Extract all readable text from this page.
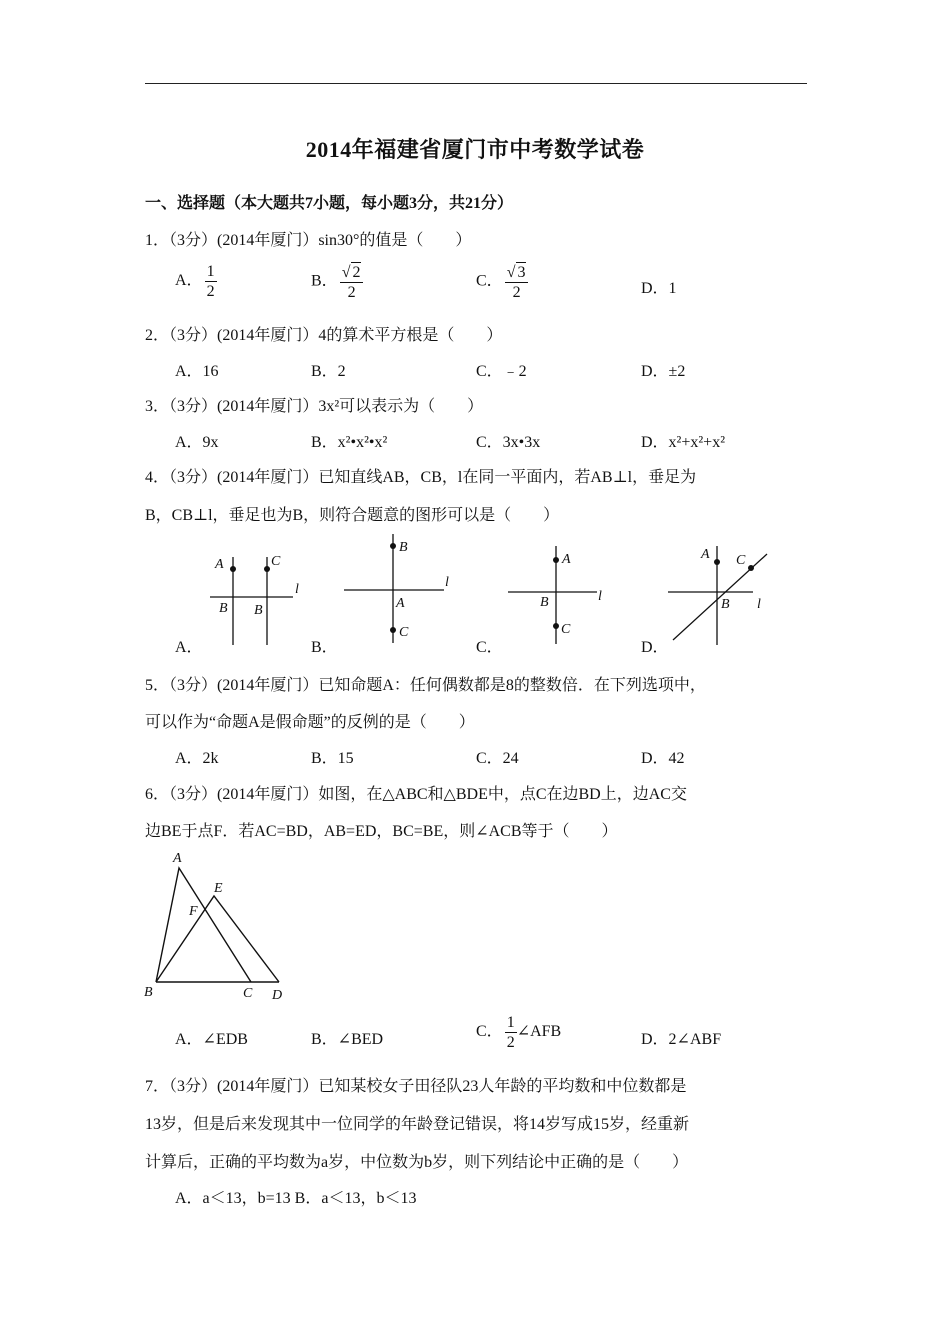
2014年福建省厦门市中考数学试卷
一、选择题（本大题共7小题，每小题3分，共21分）
1．（3分）(2014年厦门）sin30°的值是（　　）
A． $\frac{1}{2}$	B． $\frac{√ 2}{2}$	C． $\frac{√ 3}{2}$	D．1
2．（3分）(2014年厦门）4的算术平方根是（　　）
A．16	B．2	C．﹣2	D．±2
3．（3分）(2014年厦门）3x²可以表示为（　　）
A．9x	B．x²•x²•x²	C．3x•3x	D．x²+x²+x²
4．（3分）(2014年厦门）已知直线AB，CB，l在同一平面内，若AB⊥l，垂足为
B，CB⊥l，垂足也为B，则符合题意的图形可以是（　　）
A	C
l
B B
A．
B
l
A
C
B．
A
l
B
C
C．
A C
B l
D．
5．（3分）(2014年厦门）已知命题A：任何偶数都是8的整数倍．在下列选项中，
可以作为“命题A是假命题”的反例的是（　　）
A．2k	B．15	C．24	D．42
6．（3分）(2014年厦门）如图，在△ABC和△BDE中，点C在边BD上，边AC交
边BE于点F．若AC=BD，AB=ED，BC=BE，则∠ACB等于（　　）
A
E
F
B	C D
A．∠EDB	B．∠BED	C． $\frac{1}{2}$ ∠AFB	D．2∠ABF
7．（3分）(2014年厦门）已知某校女子田径队23人年龄的平均数和中位数都是
13岁，但是后来发现其中一位同学的年龄登记错误，将14岁写成15岁，经重新
计算后，正确的平均数为a岁，中位数为b岁，则下列结论中正确的是（　　）
A．a＜13，b=13 B．a＜13，b＜13
